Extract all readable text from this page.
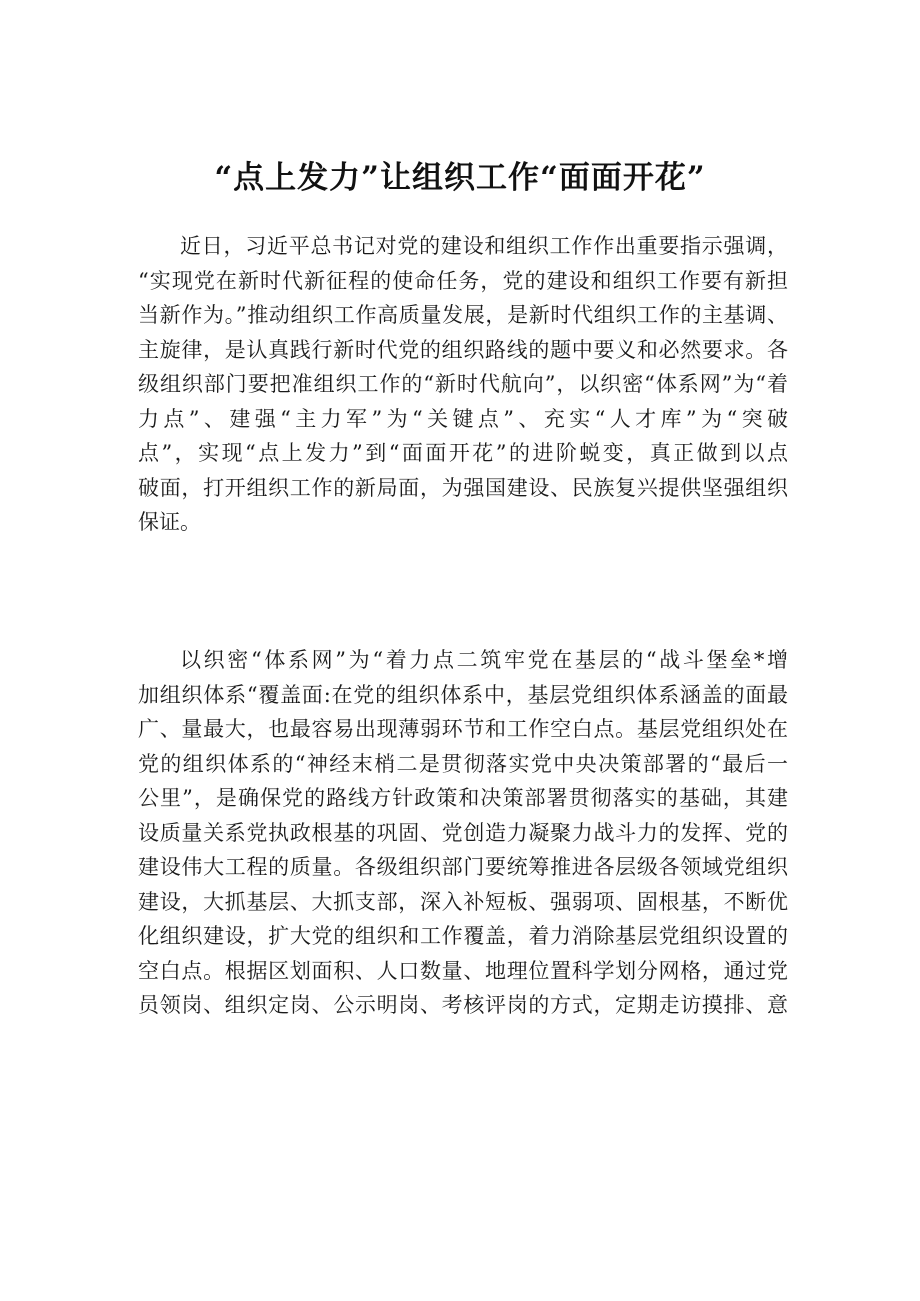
“点上发力”让组织工作“面面开花”
近日，习近平总书记对党的建设和组织工作作出重要指示强调，
“实现党在新时代新征程的使命任务，党的建设和组织工作要有新担
当新作为。”推动组织工作高质量发展，是新时代组织工作的主基调、
主旋律，是认真践行新时代党的组织路线的题中要义和必然要求。各
级组织部门要把准组织工作的“新时代航向”，以织密“体系网”为“着
力点”、建强“主力军”为“关键点”、充实“人才库”为“突破
点”，实现“点上发力”到“面面开花”的进阶蜕变，真正做到以点
破面，打开组织工作的新局面，为强国建设、民族复兴提供坚强组织
保证。
以织密“体系网”为“着力点二筑牢党在基层的“战斗堡垒*增
加组织体系“覆盖面:在党的组织体系中，基层党组织体系涵盖的面最
广、量最大，也最容易出现薄弱环节和工作空白点。基层党组织处在
党的组织体系的“神经末梢二是贯彻落实党中央决策部署的“最后一
公里”，是确保党的路线方针政策和决策部署贯彻落实的基础，其建
设质量关系党执政根基的巩固、党创造力凝聚力战斗力的发挥、党的
建设伟大工程的质量。各级组织部门要统筹推进各层级各领域党组织
建设，大抓基层、大抓支部，深入补短板、强弱项、固根基，不断优
化组织建设，扩大党的组织和工作覆盖，着力消除基层党组织设置的
空白点。根据区划面积、人口数量、地理位置科学划分网格，通过党
员领岗、组织定岗、公示明岗、考核评岗的方式，定期走访摸排、意
